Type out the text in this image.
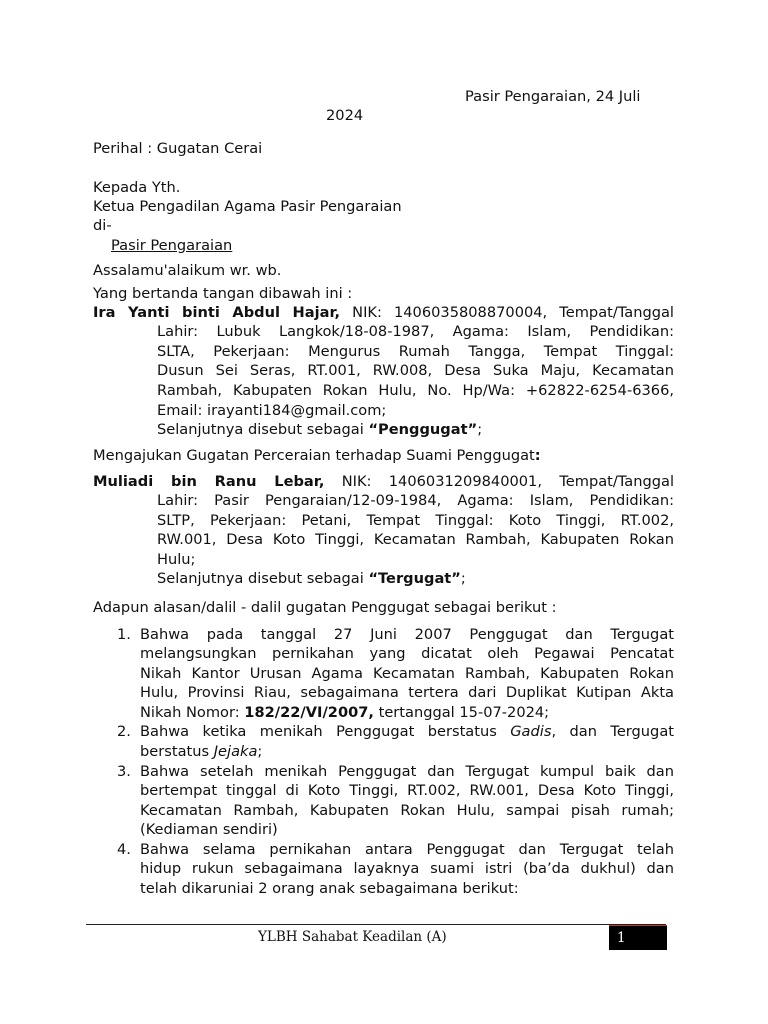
Pasir Pengaraian, 24 Juli
2024
Perihal : Gugatan Cerai
Kepada Yth.
Ketua Pengadilan Agama Pasir Pengaraian
di-
Pasir Pengaraian
Assalamu'alaikum wr. wb.
Yang bertanda tangan dibawah ini :
Ira Yanti binti Abdul Hajar, NIK: 1406035808870004, Tempat/Tanggal
Lahir: Lubuk Langkok/18-08-1987, Agama: Islam, Pendidikan:
SLTA, Pekerjaan: Mengurus Rumah Tangga, Tempat Tinggal:
Dusun Sei Seras, RT.001, RW.008, Desa Suka Maju, Kecamatan
Rambah, Kabupaten Rokan Hulu, No. Hp/Wa: +62822-6254-6366,
Email: irayanti184@gmail.com;
Selanjutnya disebut sebagai “Penggugat”;
Mengajukan Gugatan Perceraian terhadap Suami Penggugat:
Muliadi bin Ranu Lebar, NIK: 1406031209840001, Tempat/Tanggal
Lahir: Pasir Pengaraian/12-09-1984, Agama: Islam, Pendidikan:
SLTP, Pekerjaan: Petani, Tempat Tinggal: Koto Tinggi, RT.002,
RW.001, Desa Koto Tinggi, Kecamatan Rambah, Kabupaten Rokan
Hulu;
Selanjutnya disebut sebagai “Tergugat”;
Adapun alasan/dalil - dalil gugatan Penggugat sebagai berikut :
1. Bahwa pada tanggal 27 Juni 2007 Penggugat dan Tergugat
melangsungkan pernikahan yang dicatat oleh Pegawai Pencatat
Nikah Kantor Urusan Agama Kecamatan Rambah, Kabupaten Rokan
Hulu, Provinsi Riau, sebagaimana tertera dari Duplikat Kutipan Akta
Nikah Nomor: 182/22/VI/2007, tertanggal 15-07-2024;
2. Bahwa ketika menikah Penggugat berstatus Gadis, dan Tergugat
berstatus Jejaka;
3. Bahwa setelah menikah Penggugat dan Tergugat kumpul baik dan
bertempat tinggal di Koto Tinggi, RT.002, RW.001, Desa Koto Tinggi,
Kecamatan Rambah, Kabupaten Rokan Hulu, sampai pisah rumah;
(Kediaman sendiri)
4. Bahwa selama pernikahan antara Penggugat dan Tergugat telah
hidup rukun sebagaimana layaknya suami istri (ba’da dukhul) dan
telah dikaruniai 2 orang anak sebagaimana berikut:
YLBH Sahabat Keadilan (A)	1
